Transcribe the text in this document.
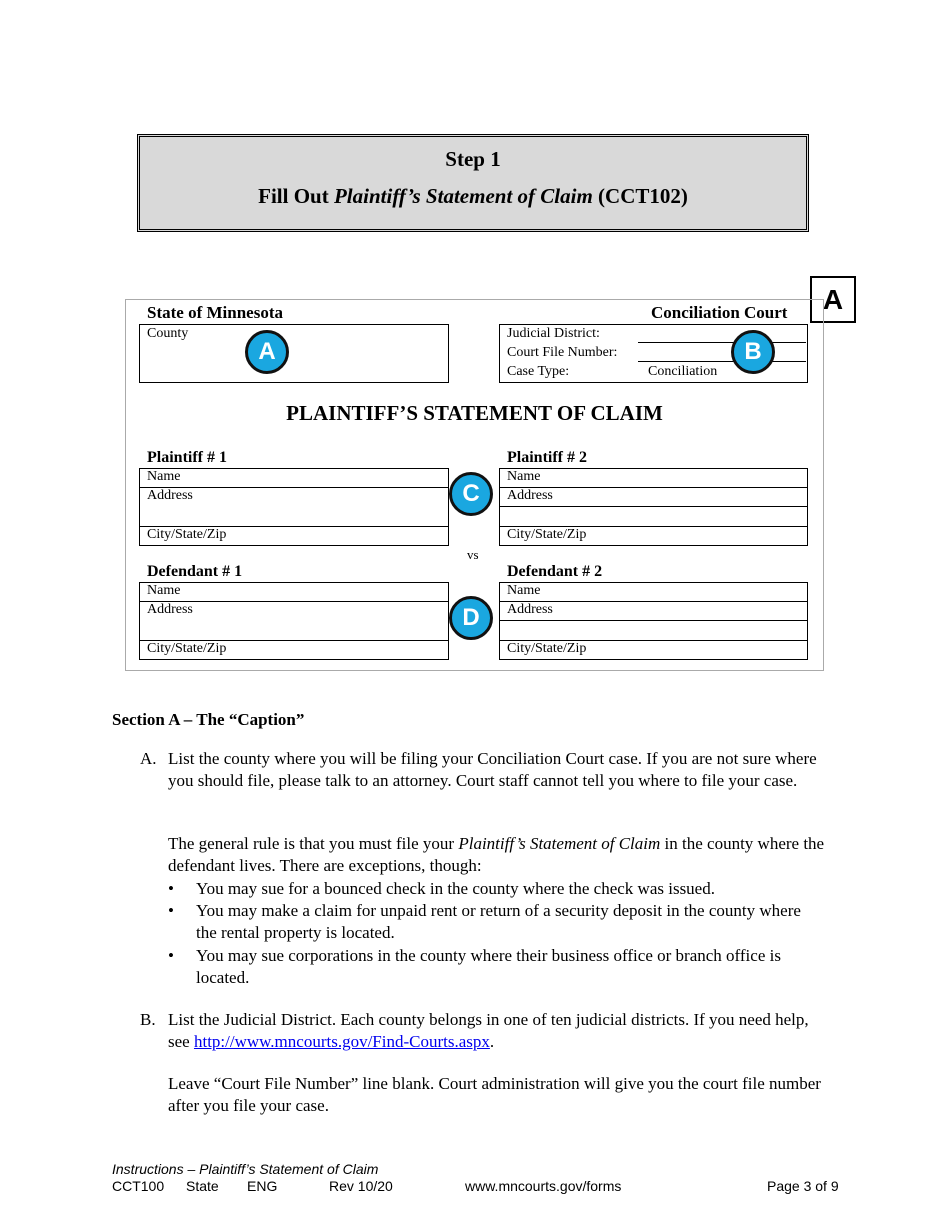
Step 1
Fill Out Plaintiff’s Statement of Claim (CCT102)
A
State of Minnesota	Conciliation Court
County	Judicial District:
Court File Number:
Case Type:	Conciliation
A	B
PLAINTIFF’S STATEMENT OF CLAIM
Plaintiff # 1	Plaintiff # 2
Name
Address
City/State/Zip
Name
Address
City/State/Zip
C
vs
Defendant # 1	Defendant # 2
Name
Address
City/State/Zip
Name
Address
City/State/Zip
D
Section A – The “Caption”
A. List the county where you will be filing your Conciliation Court case. If you are not sure where you should file, please talk to an attorney. Court staff cannot tell you where to file your case.
The general rule is that you must file your Plaintiff’s Statement of Claim in the county where the defendant lives. There are exceptions, though:
• You may sue for a bounced check in the county where the check was issued.
• You may make a claim for unpaid rent or return of a security deposit in the county where the rental property is located.
• You may sue corporations in the county where their business office or branch office is located.
B. List the Judicial District. Each county belongs in one of ten judicial districts. If you need help, see http://www.mncourts.gov/Find-Courts.aspx.
Leave “Court File Number” line blank. Court administration will give you the court file number after you file your case.
Instructions – Plaintiff’s Statement of Claim
CCT100 State ENG	Rev 10/20	www.mncourts.gov/forms	Page 3 of 9
